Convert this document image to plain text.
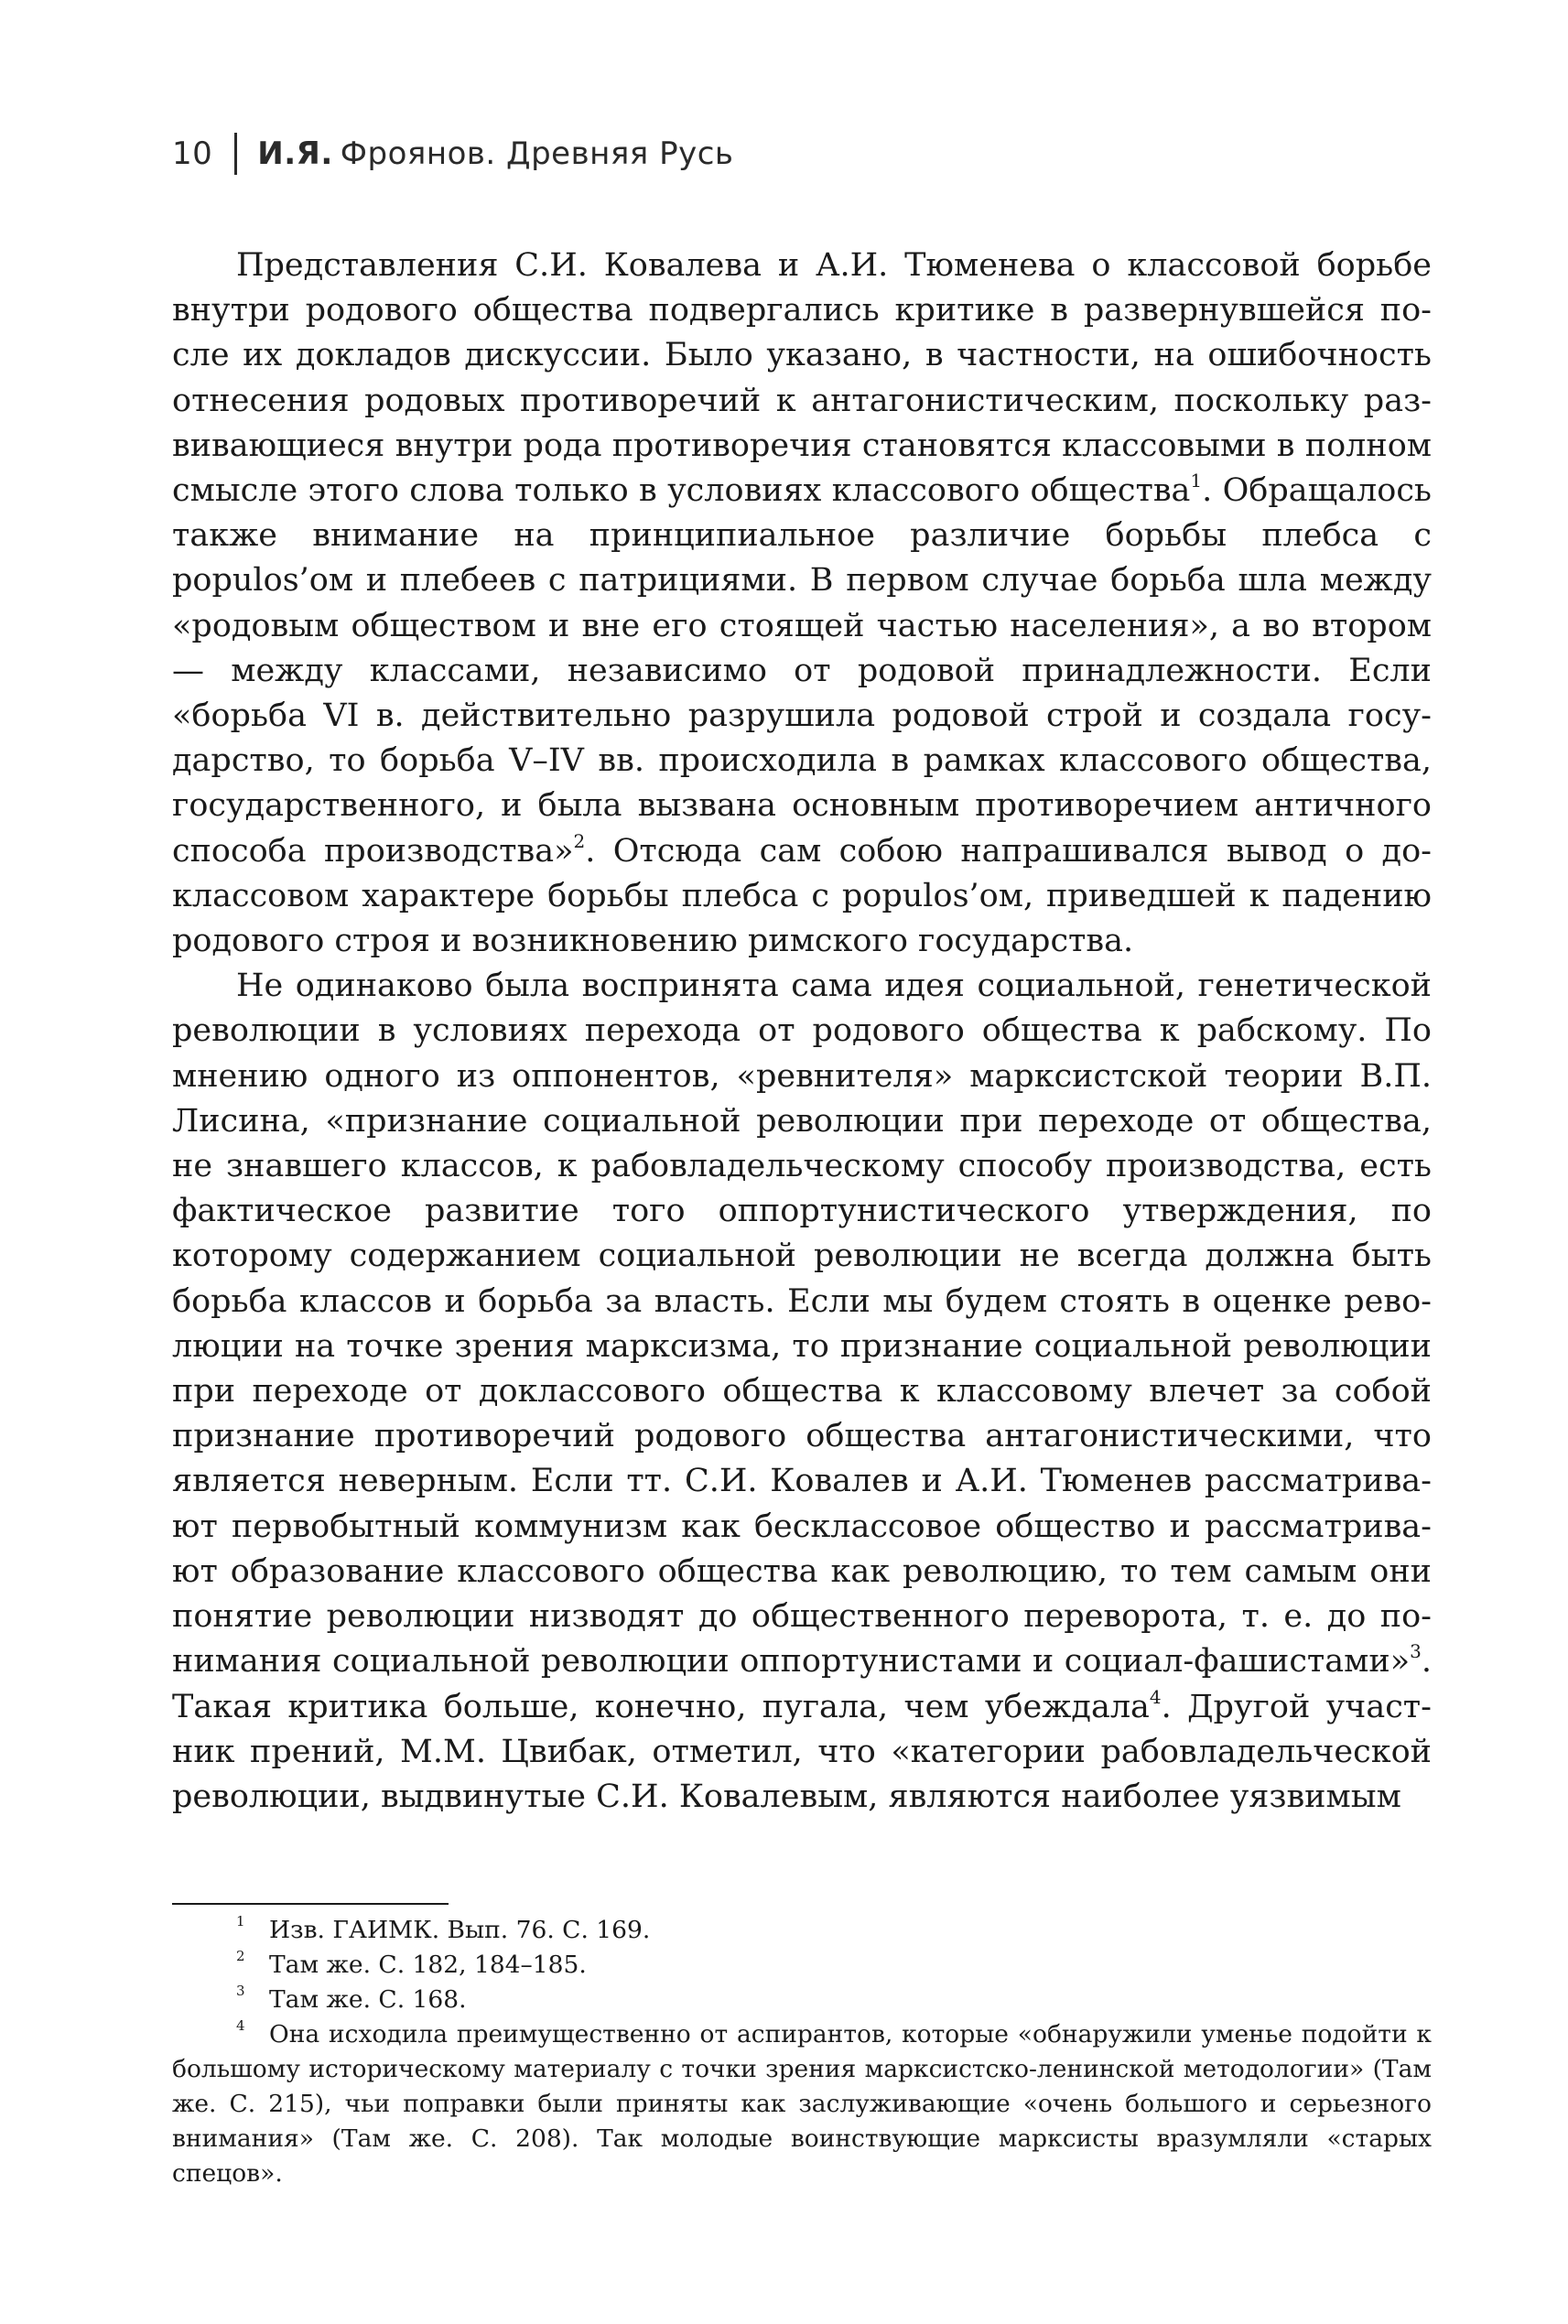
10 И.Я. Фроянов. Древняя Русь

Представления С.И. Ковалева и А.И. Тюменева о классовой борьбе внутри родового общества подвергались критике в развернувшейся после их докладов дискуссии. Было указано, в частности, на ошибочность отнесения родовых противоречий к антагонистическим, поскольку развивающиеся внутри рода противоречия становятся классовыми в полном смысле этого слова только в условиях классового общества$^1$. Обращалось также внимание на принципиальное различие борьбы плебса с populos’ом и плебеев с патрициями. В первом случае борьба шла между «родовым обществом и вне его стоящей частью населения», а во втором — между классами, независимо от родовой принадлежности. Если «борьба VI в. действительно разрушила родовой строй и создала государство, то борьба V–IV вв. происходила в рамках классового общества, государственного, и была вызвана основным противоречием античного способа производства»$^2$. Отсюда сам собою напрашивался вывод о доклассовом характере борьбы плебса с populos’ом, приведшей к падению родового строя и возникновению римского государства.

Не одинаково была воспринята сама идея социальной, генетической революции в условиях перехода от родового общества к рабскому. По мнению одного из оппонентов, «ревнителя» марксистской теории В.П. Лисина, «признание социальной революции при переходе от общества, не знавшего классов, к рабовладельческому способу производства, есть фактическое развитие того оппортунистического утверждения, по которому содержанием социальной революции не всегда должна быть борьба классов и борьба за власть. Если мы будем стоять в оценке революции на точке зрения марксизма, то признание социальной революции при переходе от доклассового общества к классовому влечет за собой признание противоречий родового общества антагонистическими, что является неверным. Если тт. С.И. Ковалев и А.И. Тюменев рассматривают первобытный коммунизм как бесклассовое общество и рассматривают образование классового общества как революцию, то тем самым они понятие революции низводят до общественного переворота, т. е. до понимания социальной революции оппортунистами и социал-фашистами»$^3$. Такая критика больше, конечно, пугала, чем убеждала$^4$. Другой участник прений, М.М. Цвибак, отметил, что «категории рабовладельческой революции, выдвинутые С.И. Ковалевым, являются наиболее уязвимым

1 Изв. ГАИМК. Вып. 76. С. 169.

2 Там же. С. 182, 184–185.

3 Там же. С. 168.

4 Она исходила преимущественно от аспирантов, которые «обнаружили уменье подойти к большому историческому материалу с точки зрения марксистско-ленинской методологии» (Там же. С. 215), чьи поправки были приняты как заслуживающие «очень большого и серьезного внимания» (Там же. С. 208). Так молодые воинствующие марксисты вразумляли «старых спецов».
